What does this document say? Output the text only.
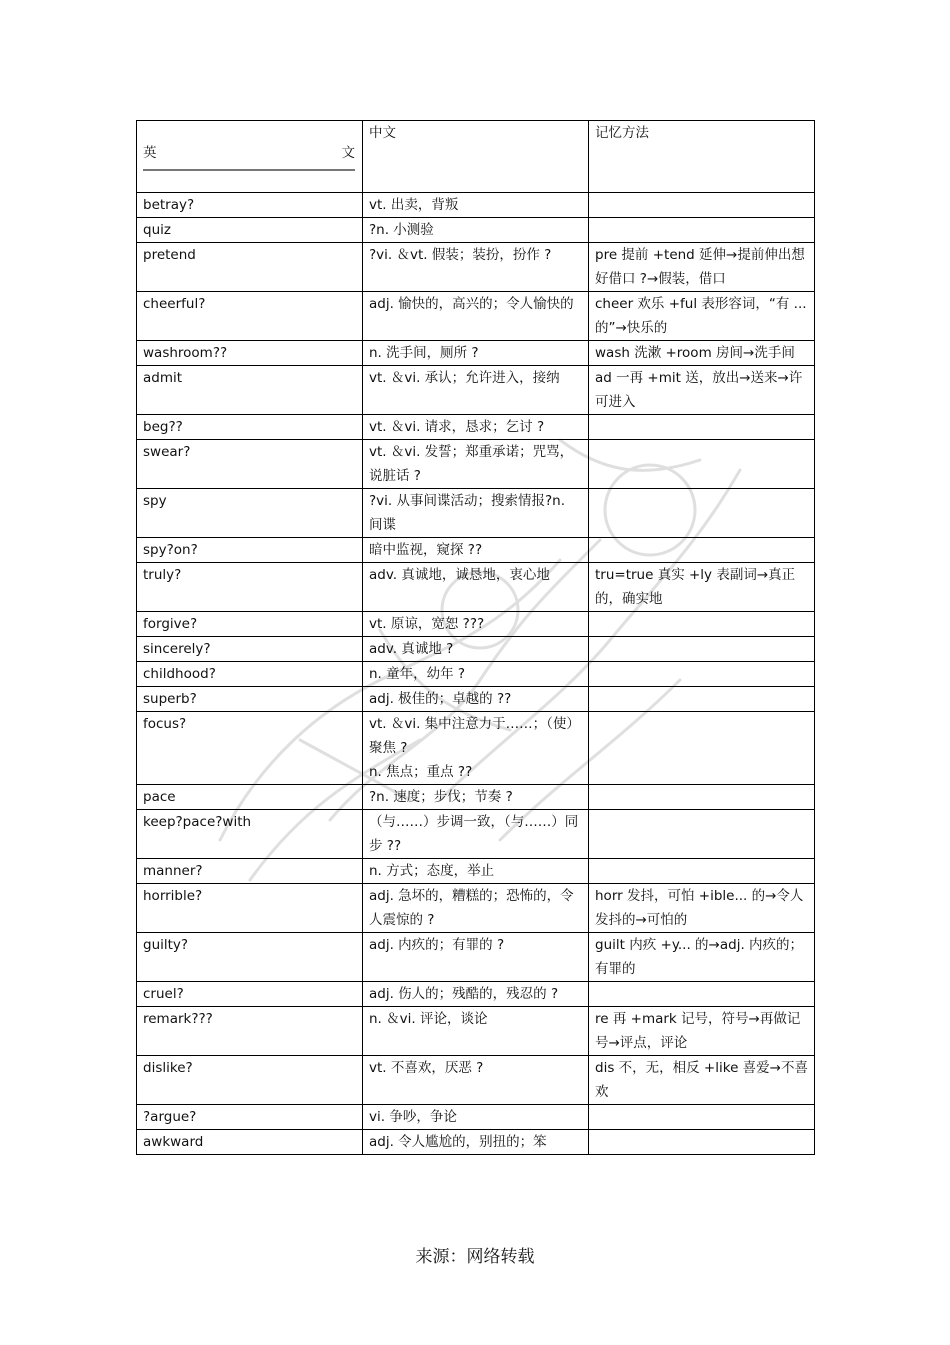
英 文	中文	记忆方法

betray?	vt. 出卖，背叛	

quiz	?n. 小测验	

pretend	?vi. ＆vt. 假装；装扮，扮作 ?	pre 提前 +tend 延伸→提前伸出想好借口 ?→假装，借口

cheerful?	adj. 愉快的，高兴的；令人愉快的	cheer 欢乐 +ful 表形容词，“有 ... 的”→快乐的

washroom??	n. 洗手间，厕所 ?	wash 洗漱 +room 房间→洗手间

admit	vt. ＆vi. 承认；允许进入，接纳	ad 一再 +mit 送，放出→送来→许可进入

beg??	vt. ＆vi. 请求，恳求；乞讨 ?	

swear?	vt. ＆vi. 发誓；郑重承诺；咒骂，说脏话 ?	

spy	?vi. 从事间谍活动；搜索情报?n. 间谍	

spy?on?	暗中监视，窥探 ??	

truly?	adv. 真诚地，诚恳地，衷心地	tru=true 真实 +ly 表副词→真正的，确实地

forgive?	vt. 原谅，宽恕 ???	

sincerely?	adv. 真诚地 ?	

childhood?	n. 童年，幼年 ?	

superb?	adj. 极佳的；卓越的 ??	

focus?	vt. ＆vi. 集中注意力于……；（使）聚焦 ?
n. 焦点；重点 ??	

pace	?n. 速度；步伐；节奏 ?	

keep?pace?with	（与……）步调一致，（与……）同步 ??	

manner?	n. 方式；态度，举止	

horrible?	adj. 急坏的，糟糕的；恐怖的，令人震惊的 ?	horr 发抖，可怕 +ible... 的→令人发抖的→可怕的

guilty?	adj. 内疚的；有罪的 ?	guilt 内疚 +y... 的→adj. 内疚的；有罪的

cruel?	adj. 伤人的；残酷的，残忍的 ?	

remark???	n. ＆vi. 评论，谈论	re 再 +mark 记号，符号→再做记号→评点，评论

dislike?	vt. 不喜欢，厌恶 ?	dis 不，无，相反 +like 喜爱→不喜欢

?argue?	vi. 争吵，争论	

awkward	adj. 令人尴尬的，别扭的；笨	

来源：网络转载
